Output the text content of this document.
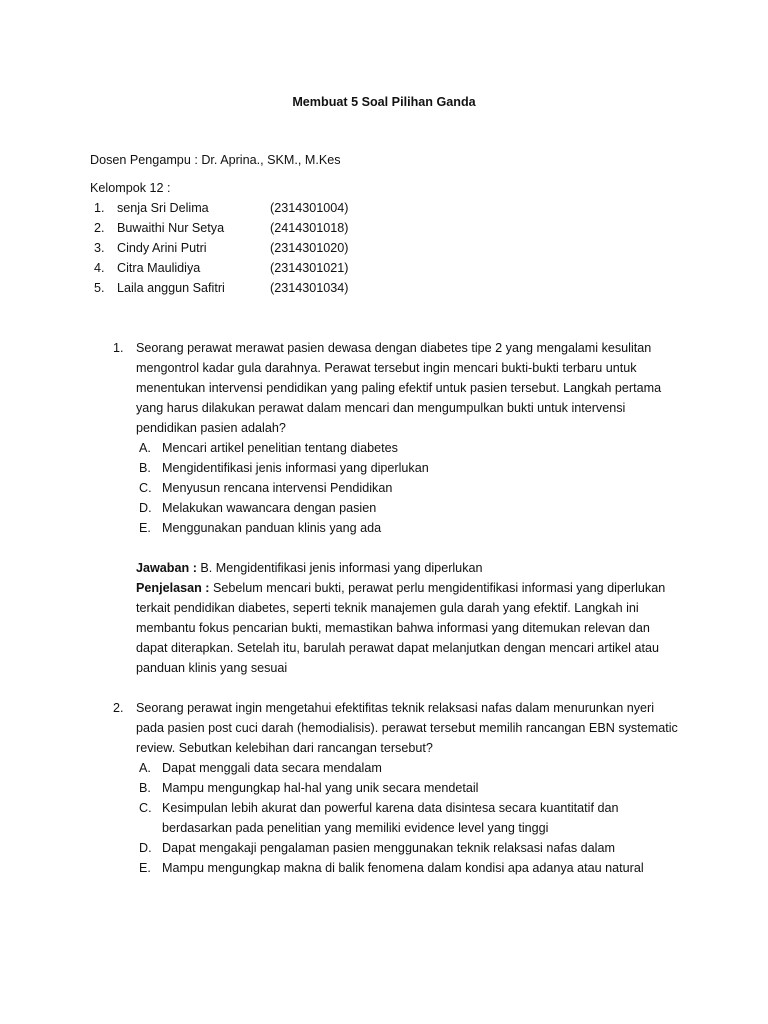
Membuat 5 Soal Pilihan Ganda
Dosen Pengampu : Dr. Aprina., SKM., M.Kes
Kelompok 12 :
1. senja Sri Delima	(2314301004)
2. Buwaithi Nur Setya	(2414301018)
3. Cindy Arini Putri	(2314301020)
4. Citra Maulidiya	(2314301021)
5. Laila anggun Safitri	(2314301034)
1. Seorang perawat merawat pasien dewasa dengan diabetes tipe 2 yang mengalami kesulitan mengontrol kadar gula darahnya. Perawat tersebut ingin mencari bukti-bukti terbaru untuk menentukan intervensi pendidikan yang paling efektif untuk pasien tersebut. Langkah pertama yang harus dilakukan perawat dalam mencari dan mengumpulkan bukti untuk intervensi pendidikan pasien adalah?
A. Mencari artikel penelitian tentang diabetes
B. Mengidentifikasi jenis informasi yang diperlukan
C. Menyusun rencana intervensi Pendidikan
D. Melakukan wawancara dengan pasien
E. Menggunakan panduan klinis yang ada
Jawaban : B. Mengidentifikasi jenis informasi yang diperlukan
Penjelasan : Sebelum mencari bukti, perawat perlu mengidentifikasi informasi yang diperlukan terkait pendidikan diabetes, seperti teknik manajemen gula darah yang efektif. Langkah ini membantu fokus pencarian bukti, memastikan bahwa informasi yang ditemukan relevan dan dapat diterapkan. Setelah itu, barulah perawat dapat melanjutkan dengan mencari artikel atau panduan klinis yang sesuai
2. Seorang perawat ingin mengetahui efektifitas teknik relaksasi nafas dalam menurunkan nyeri pada pasien post cuci darah (hemodialisis). perawat tersebut memilih rancangan EBN systematic review. Sebutkan kelebihan dari rancangan tersebut?
A. Dapat menggali data secara mendalam
B. Mampu mengungkap hal-hal yang unik secara mendetail
C. Kesimpulan lebih akurat dan powerful karena data disintesa secara kuantitatif dan berdasarkan pada penelitian yang memiliki evidence level yang tinggi
D. Dapat mengakaji pengalaman pasien menggunakan teknik relaksasi nafas dalam
E. Mampu mengungkap makna di balik fenomena dalam kondisi apa adanya atau natural
